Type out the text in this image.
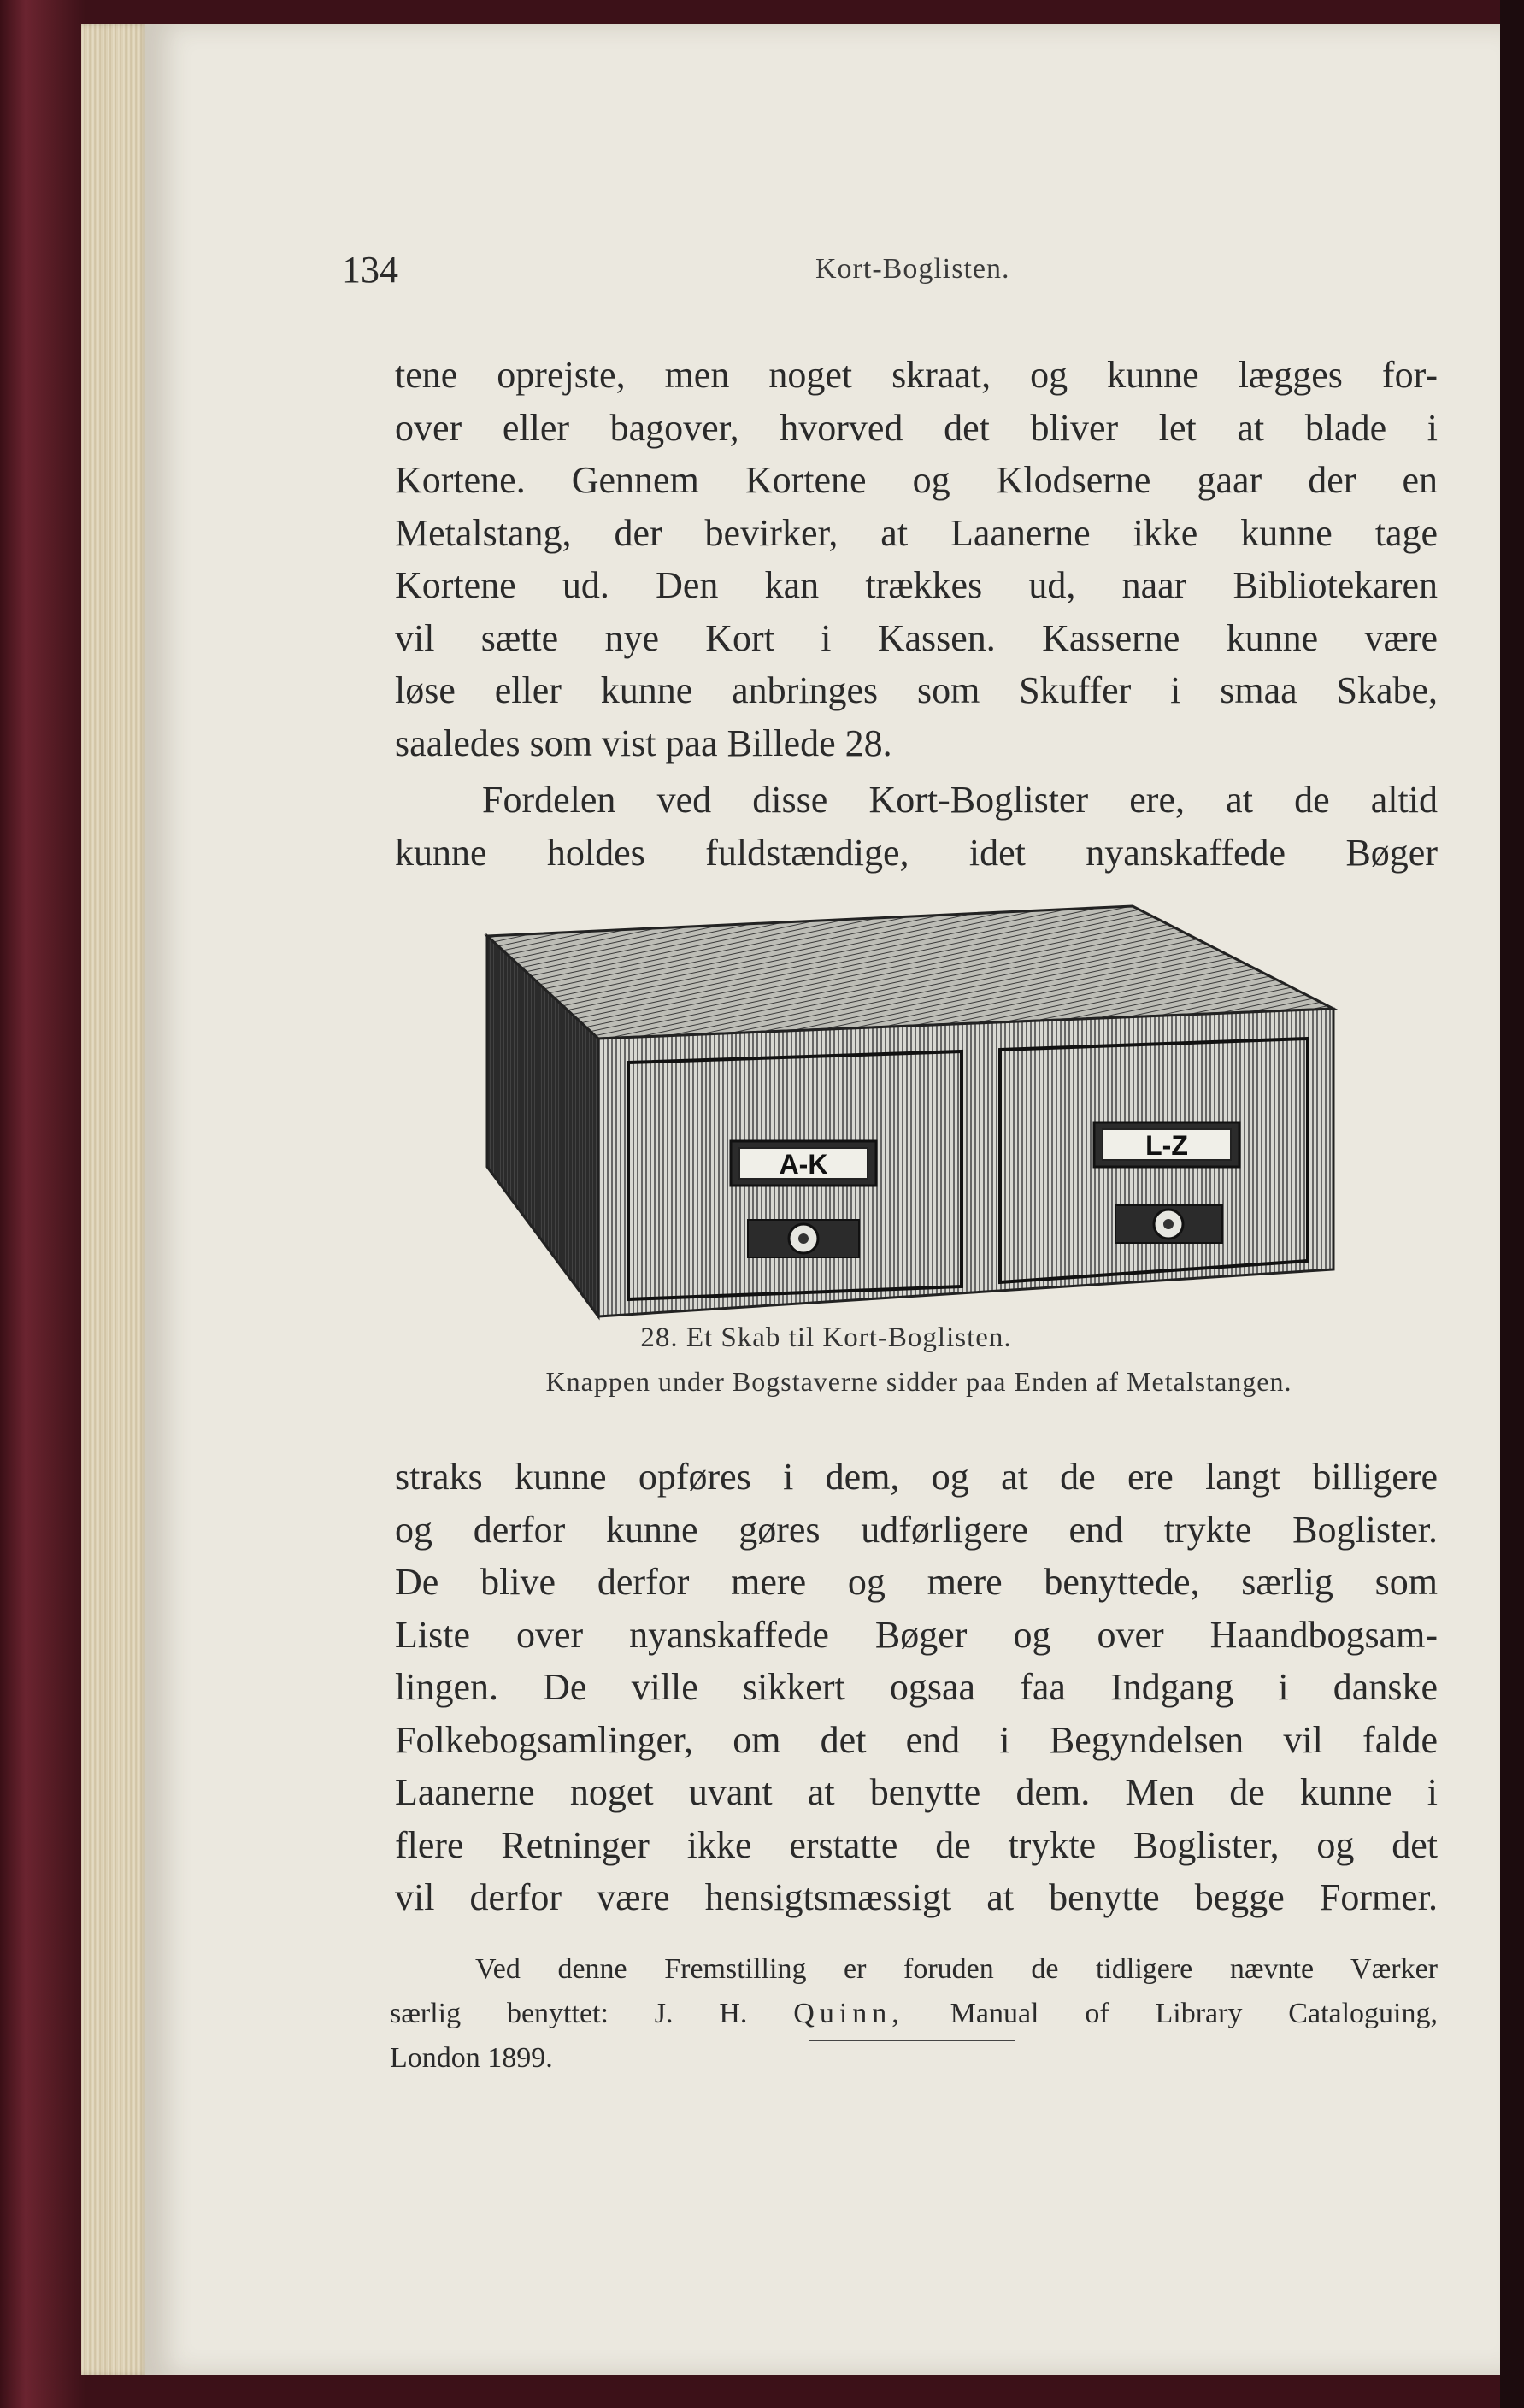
134	Kort-Boglisten.

tene oprejste, men noget skraat, og kunne lægges for-
over eller bagover, hvorved det bliver let at blade i
Kortene. Gennem Kortene og Klodserne gaar der en
Metalstang, der bevirker, at Laanerne ikke kunne tage
Kortene ud. Den kan trækkes ud, naar Bibliotekaren
vil sætte nye Kort i Kassen. Kasserne kunne være
løse eller kunne anbringes som Skuffer i smaa Skabe,
saaledes som vist paa Billede 28.

Fordelen ved disse Kort-Boglister ere, at de altid
kunne holdes fuldstændige, idet nyanskaffede Bøger

A-K
L-Z
28. Et Skab til Kort-Boglisten.
Knappen under Bogstaverne sidder paa Enden af Metalstangen.

straks kunne opføres i dem, og at de ere langt billigere
og derfor kunne gøres udførligere end trykte Boglister.
De blive derfor mere og mere benyttede, særlig som
Liste over nyanskaffede Bøger og over Haandbogsam-
lingen. De ville sikkert ogsaa faa Indgang i danske
Folkebogsamlinger, om det end i Begyndelsen vil falde
Laanerne noget uvant at benytte dem. Men de kunne i
flere Retninger ikke erstatte de trykte Boglister, og det
vil derfor være hensigtsmæssigt at benytte begge Former.

Ved denne Fremstilling er foruden de tidligere nævnte Værker
særlig benyttet: J. H. Quinn, Manual of Library Cataloguing,
London 1899.
